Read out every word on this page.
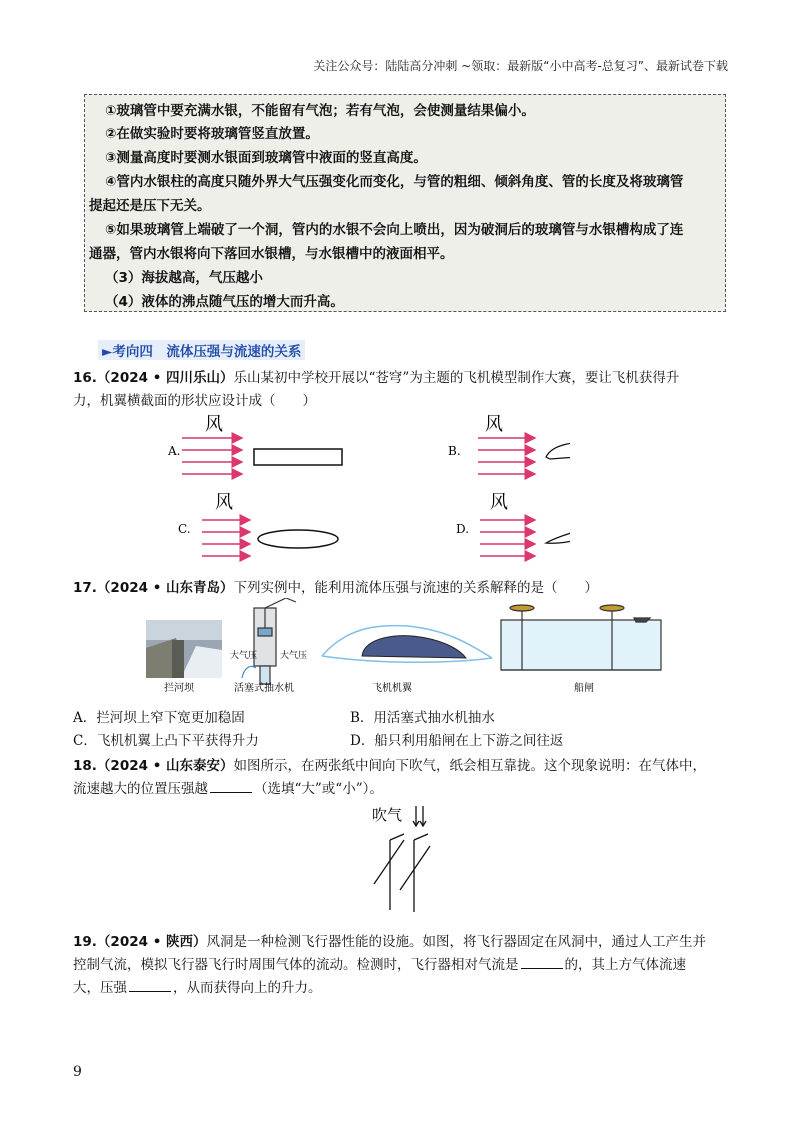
关注公众号：陆陆高分冲刺 ~领取：最新版“小中高考-总复习”、最新试卷下载
①玻璃管中要充满水银，不能留有气泡；若有气泡，会使测量结果偏小。
②在做实验时要将玻璃管竖直放置。
③测量高度时要测水银面到玻璃管中液面的竖直高度。
④管内水银柱的高度只随外界大气压强变化而变化，与管的粗细、倾斜角度、管的长度及将玻璃管
提起还是压下无关。
⑤如果玻璃管上端破了一个洞，管内的水银不会向上喷出，因为破洞后的玻璃管与水银槽构成了连
通器，管内水银将向下落回水银槽，与水银槽中的液面相平。
（3）海拔越高，气压越小
（4）液体的沸点随气压的增大而升高。
►考向四　流体压强与流速的关系
16.（2024 • 四川乐山）乐山某初中学校开展以“苍穹”为主题的飞机模型制作大赛，要让飞机获得升
力，机翼横截面的形状应设计成（　　）
A.
风
B.
风
C.
风
D.
风
17.（2024 • 山东青岛）下列实例中，能利用流体压强与流速的关系解释的是（　　）
拦河坝
大气压	大气压
活塞式抽水机	飞机机翼	船闸
A．拦河坝上窄下宽更加稳固	B．用活塞式抽水机抽水
C．飞机机翼上凸下平获得升力	D．船只利用船闸在上下游之间往返
18.（2024 • 山东泰安）如图所示，在两张纸中间向下吹气，纸会相互靠拢。这个现象说明：在气体中，
流速越大的位置压强越	（选填“大”或“小”）。
吹气
19.（2024 • 陕西）风洞是一种检测飞行器性能的设施。如图，将飞行器固定在风洞中，通过人工产生并
控制气流，模拟飞行器飞行时周围气体的流动。检测时，飞行器相对气流是	的，其上方气体流速
大，压强	，从而获得向上的升力。
9
